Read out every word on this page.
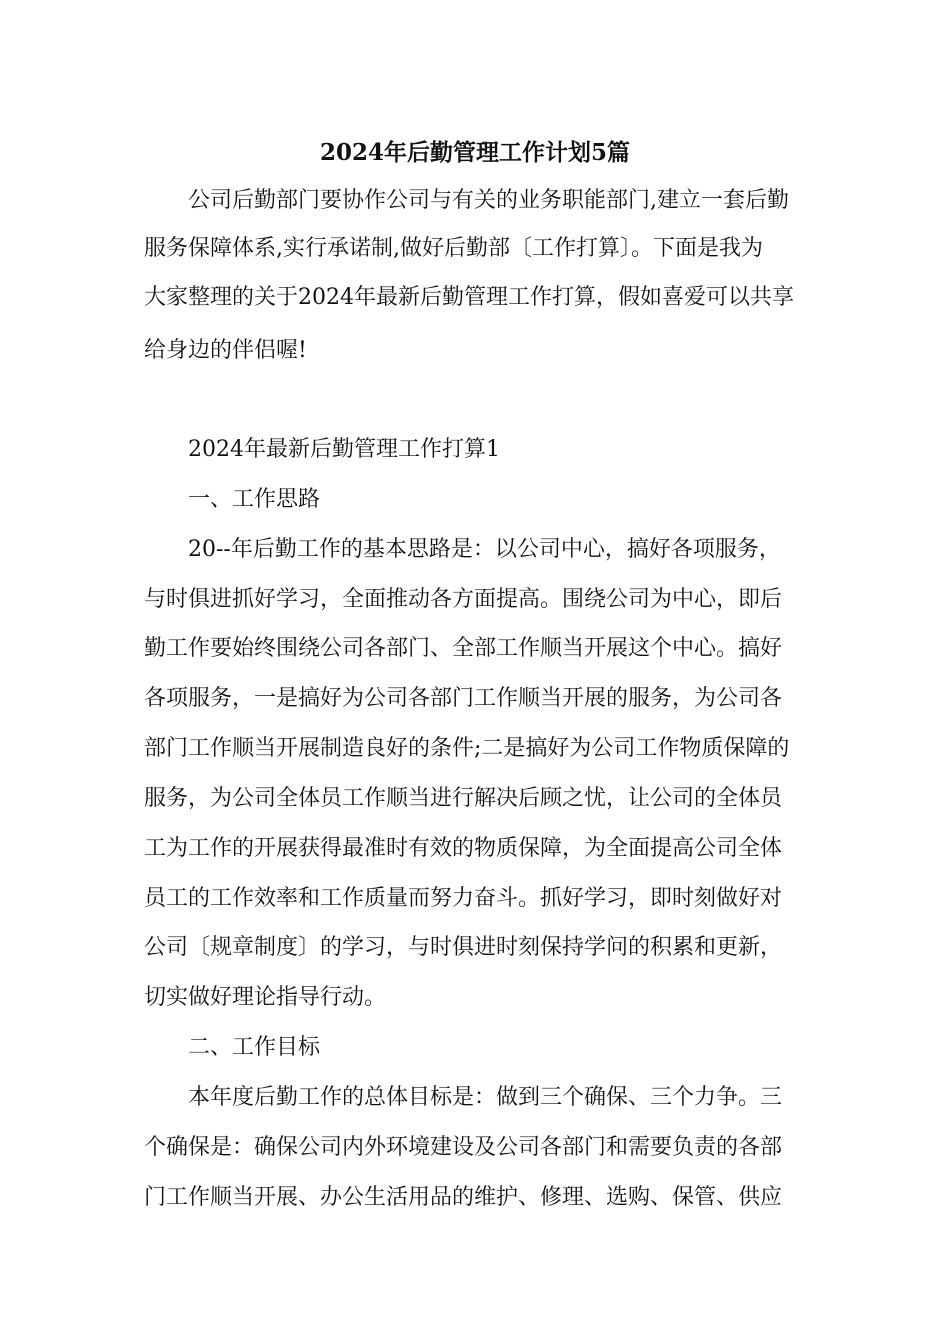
2024年后勤管理工作计划5篇
公司后勤部门要协作公司与有关的业务职能部门,建立一套后勤
服务保障体系,实行承诺制,做好后勤部〔工作打算〕。下面是我为
大家整理的关于2024年最新后勤管理工作打算，假如喜爱可以共享
给身边的伴侣喔!
2024年最新后勤管理工作打算1
一、工作思路
20--年后勤工作的基本思路是：以公司中心，搞好各项服务，
与时俱进抓好学习，全面推动各方面提高。围绕公司为中心，即后
勤工作要始终围绕公司各部门、全部工作顺当开展这个中心。搞好
各项服务，一是搞好为公司各部门工作顺当开展的服务，为公司各
部门工作顺当开展制造良好的条件;二是搞好为公司工作物质保障的
服务，为公司全体员工作顺当进行解决后顾之忧，让公司的全体员
工为工作的开展获得最准时有效的物质保障，为全面提高公司全体
员工的工作效率和工作质量而努力奋斗。抓好学习，即时刻做好对
公司〔规章制度〕的学习，与时俱进时刻保持学问的积累和更新，
切实做好理论指导行动。
二、工作目标
本年度后勤工作的总体目标是：做到三个确保、三个力争。三
个确保是：确保公司内外环境建设及公司各部门和需要负责的各部
门工作顺当开展、办公生活用品的维护、修理、选购、保管、供应
